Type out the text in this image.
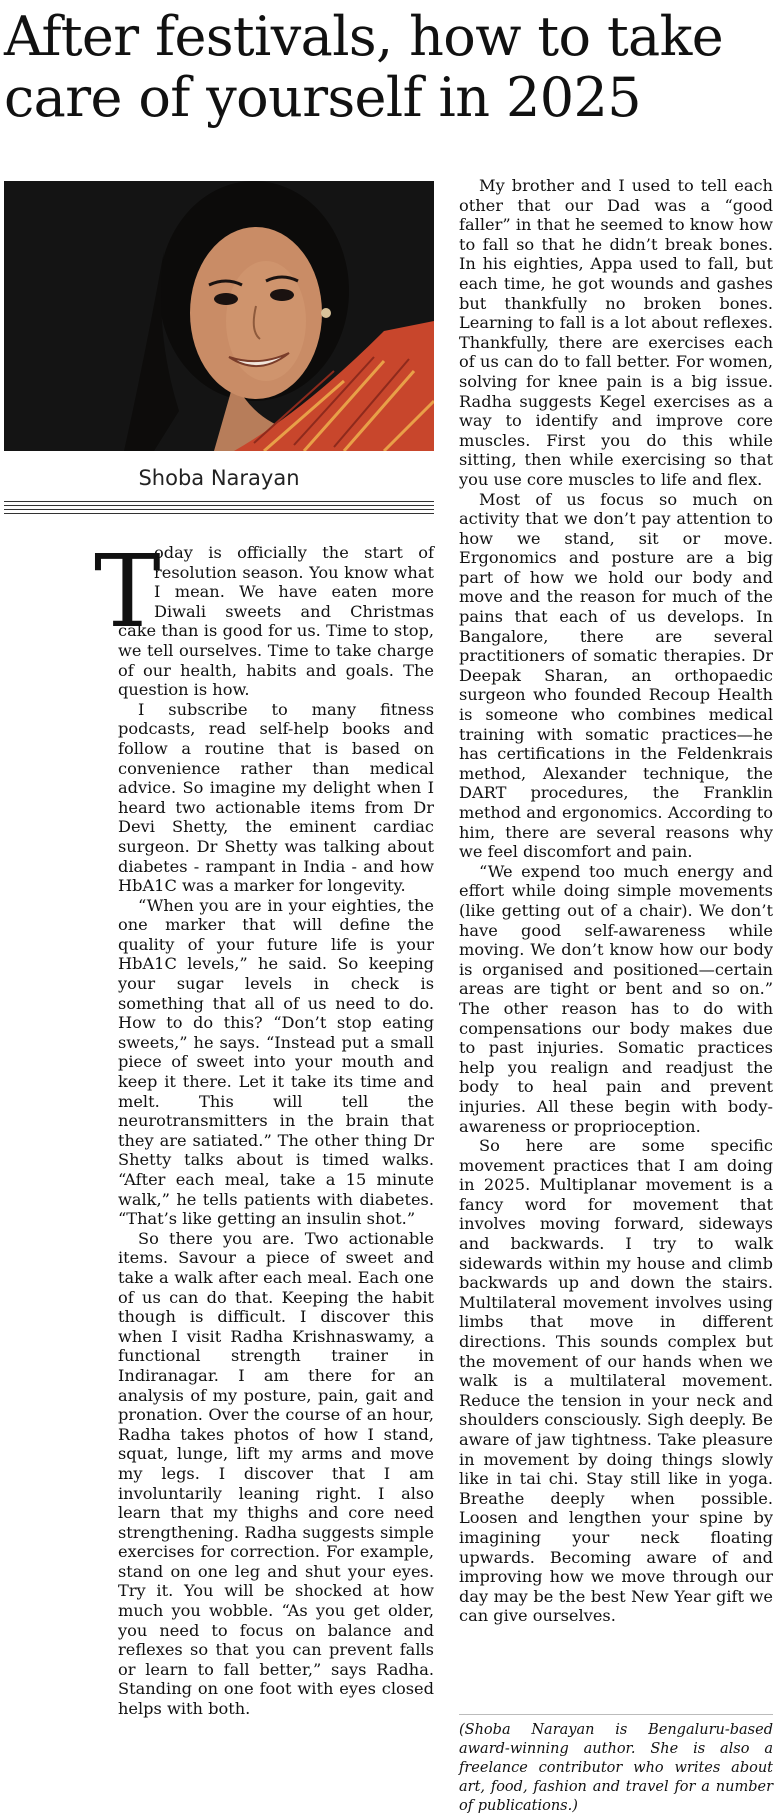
After festivals, how to take care of yourself in 2025
Shoba Narayan
T

oday is officially the start of resolution season. You know what I mean. We have eaten more Diwali sweets and Christmas cake than is good for us. Time to stop, we tell ourselves. Time to take charge of our health, habits and goals. The question is how.

I subscribe to many fitness podcasts, read self-help books and follow a routine that is based on convenience rather than medical advice. So imagine my delight when I heard two actionable items from Dr Devi Shetty, the eminent cardiac surgeon. Dr Shetty was talking about diabetes - rampant in India - and how HbA1C was a marker for longevity.

“When you are in your eighties, the one marker that will define the quality of your future life is your HbA1C levels,” he said. So keeping your sugar levels in check is something that all of us need to do. How to do this? “Don’t stop eating sweets,” he says. “Instead put a small piece of sweet into your mouth and keep it there. Let it take its time and melt. This will tell the neurotransmitters in the brain that they are satiated.” The other thing Dr Shetty talks about is timed walks. “After each meal, take a 15 minute walk,” he tells patients with diabetes. “That’s like getting an insulin shot.”

So there you are. Two actionable items. Savour a piece of sweet and take a walk after each meal. Each one of us can do that. Keeping the habit though is difficult. I discover this when I visit Radha Krishnaswamy, a functional strength trainer in Indiranagar. I am there for an analysis of my posture, pain, gait and pronation. Over the course of an hour, Radha takes photos of how I stand, squat, lunge, lift my arms and move my legs. I discover that I am involuntarily leaning right. I also learn that my thighs and core need strengthening. Radha suggests simple exercises for correction. For example, stand on one leg and shut your eyes. Try it. You will be shocked at how much you wobble. “As you get older, you need to focus on balance and reflexes so that you can prevent falls or learn to fall better,” says Radha. Standing on one foot with eyes closed helps with both.

My brother and I used to tell each other that our Dad was a “good faller” in that he seemed to know how to fall so that he didn’t break bones. In his eighties, Appa used to fall, but each time, he got wounds and gashes but thankfully no broken bones. Learning to fall is a lot about reflexes. Thankfully, there are exercises each of us can do to fall better. For women, solving for knee pain is a big issue. Radha suggests Kegel exercises as a way to identify and improve core muscles. First you do this while sitting, then while exercising so that you use core muscles to life and flex.

Most of us focus so much on activity that we don’t pay attention to how we stand, sit or move. Ergonomics and posture are a big part of how we hold our body and move and the reason for much of the pains that each of us develops. In Bangalore, there are several practitioners of somatic therapies. Dr Deepak Sharan, an orthopaedic surgeon who founded Recoup Health is someone who combines medical training with somatic practices—he has certifications in the Feldenkrais method, Alexander technique, the DART procedures, the Franklin method and ergonomics. According to him, there are several reasons why we feel discomfort and pain.

“We expend too much energy and effort while doing simple movements (like getting out of a chair). We don’t have good self-awareness while moving. We don’t know how our body is organised and positioned—certain areas are tight or bent and so on.” The other reason has to do with compensations our body makes due to past injuries. Somatic practices help you realign and readjust the body to heal pain and prevent injuries. All these begin with body-awareness or proprioception.

So here are some specific movement practices that I am doing in 2025. Multiplanar movement is a fancy word for movement that involves moving forward, sideways and backwards. I try to walk sidewards within my house and climb backwards up and down the stairs. Multilateral movement involves using limbs that move in different directions. This sounds complex but the movement of our hands when we walk is a multilateral movement. Reduce the tension in your neck and shoulders consciously. Sigh deeply. Be aware of jaw tightness. Take pleasure in movement by doing things slowly like in tai chi. Stay still like in yoga. Breathe deeply when possible. Loosen and lengthen your spine by imagining your neck floating upwards. Becoming aware of and improving how we move through our day may be the best New Year gift we can give ourselves.

(Shoba Narayan is Bengaluru-based award-winning author. She is also a freelance contributor who writes about art, food, fashion and travel for a number of publications.)
